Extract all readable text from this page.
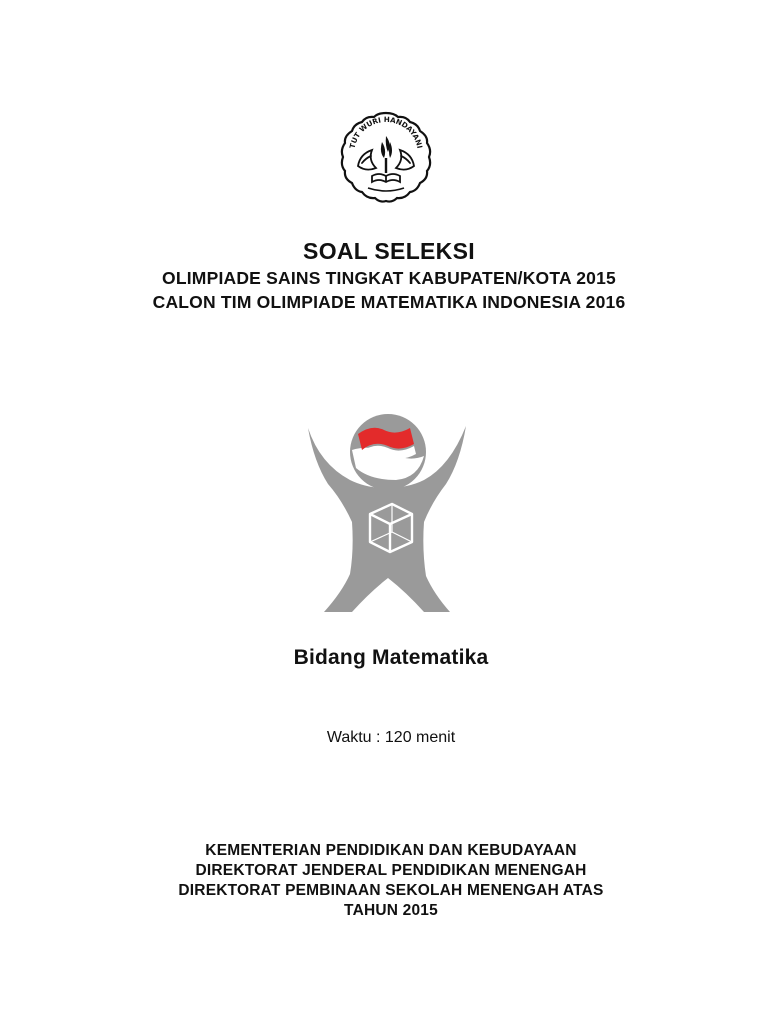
TUT WURI HANDAYANI
SOAL SELEKSI
OLIMPIADE SAINS TINGKAT KABUPATEN/KOTA 2015
CALON TIM OLIMPIADE MATEMATIKA INDONESIA 2016
Bidang Matematika
Waktu : 120 menit
KEMENTERIAN PENDIDIKAN DAN KEBUDAYAAN
DIREKTORAT JENDERAL PENDIDIKAN MENENGAH
DIREKTORAT PEMBINAAN SEKOLAH MENENGAH ATAS
TAHUN 2015
